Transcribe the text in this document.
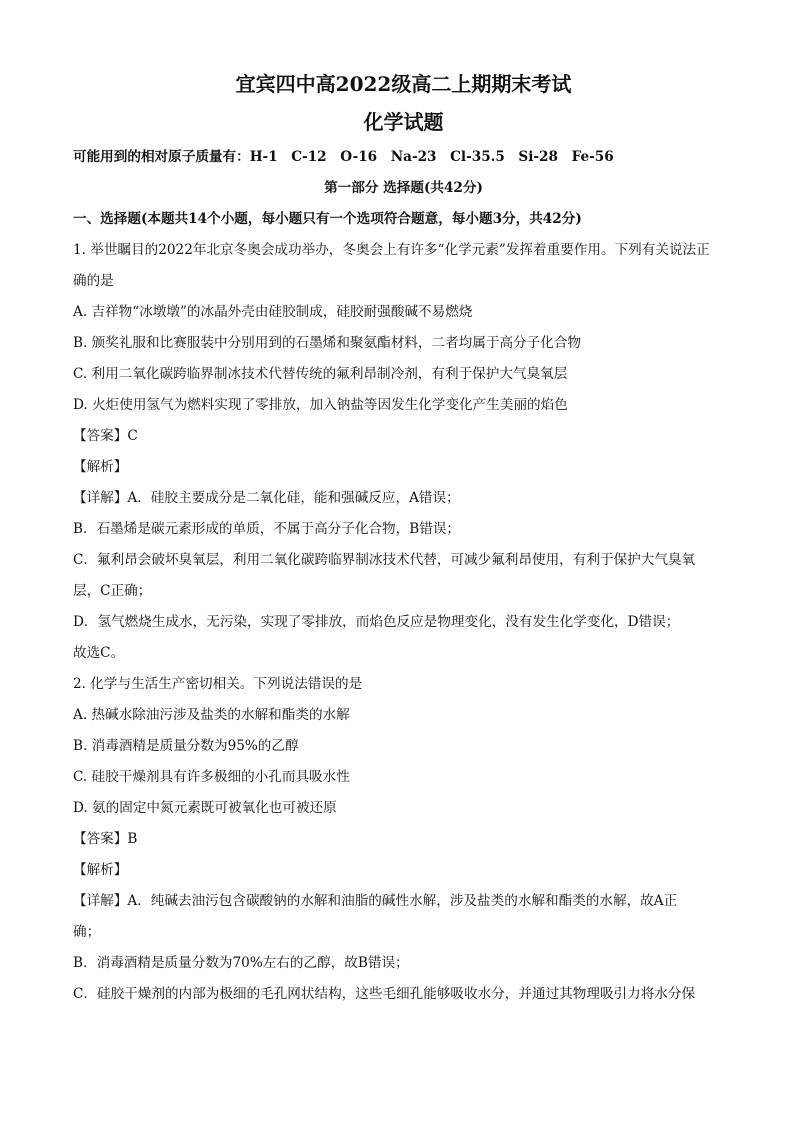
宜宾四中高2022级高二上期期末考试
化学试题

可能用到的相对原子质量有：H-1　C-12　O-16　Na-23　Cl-35.5　Si-28　Fe-56

第一部分 选择题(共42分)

一、选择题(本题共14个小题，每小题只有一个选项符合题意，每小题3分，共42分)

1. 举世瞩目的2022年北京冬奥会成功举办，冬奥会上有许多“化学元素”发挥着重要作用。下列有关说法正

确的是

A. 吉祥物“冰墩墩”的冰晶外壳由硅胶制成，硅胶耐强酸碱不易燃烧

B. 颁奖礼服和比赛服装中分别用到的石墨烯和聚氨酯材料，二者均属于高分子化合物

C. 利用二氧化碳跨临界制冰技术代替传统的氟利昂制冷剂，有利于保护大气臭氧层

D. 火炬使用氢气为燃料实现了零排放，加入钠盐等因发生化学变化产生美丽的焰色

【答案】C

【解析】

【详解】A．硅胶主要成分是二氧化硅，能和强碱反应，A错误；

B．石墨烯是碳元素形成的单质，不属于高分子化合物，B错误；

C．氟利昂会破坏臭氧层，利用二氧化碳跨临界制冰技术代替，可减少氟利昂使用，有利于保护大气臭氧

层，C正确；

D．氢气燃烧生成水，无污染，实现了零排放，而焰色反应是物理变化，没有发生化学变化，D错误；

故选C。

2. 化学与生活生产密切相关。下列说法错误的是

A. 热碱水除油污涉及盐类的水解和酯类的水解

B. 消毒酒精是质量分数为95%的乙醇

C. 硅胶干燥剂具有许多极细的小孔而具吸水性

D. 氨的固定中氮元素既可被氧化也可被还原

【答案】B

【解析】

【详解】A．纯碱去油污包含碳酸钠的水解和油脂的碱性水解，涉及盐类的水解和酯类的水解，故A正

确；

B．消毒酒精是质量分数为70%左右的乙醇，故B错误；

C．硅胶干燥剂的内部为极细的毛孔网状结构，这些毛细孔能够吸收水分，并通过其物理吸引力将水分保
